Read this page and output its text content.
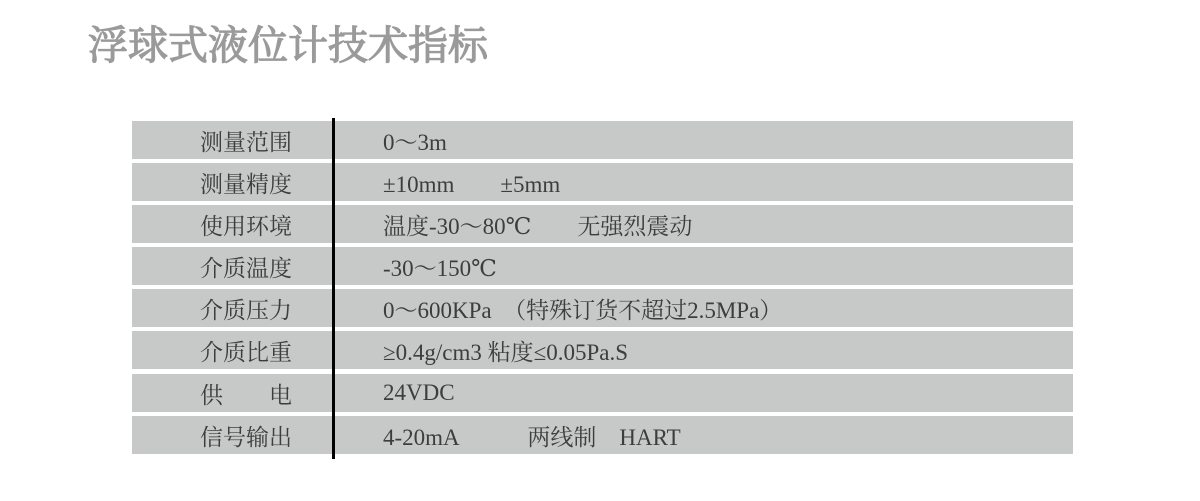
浮球式液位计技术指标
测量范围	0～3m
测量精度	±10mm　　±5mm
使用环境	温度-30～80℃　　无强烈震动
介质温度	-30～150℃
介质压力	0～600KPa　（特殊订货不超过2.5MPa）
介质比重	≥0.4g/cm3 粘度≤0.05Pa.S
供　　电	24VDC
信号输出	4-20mA　　　两线制　HART
